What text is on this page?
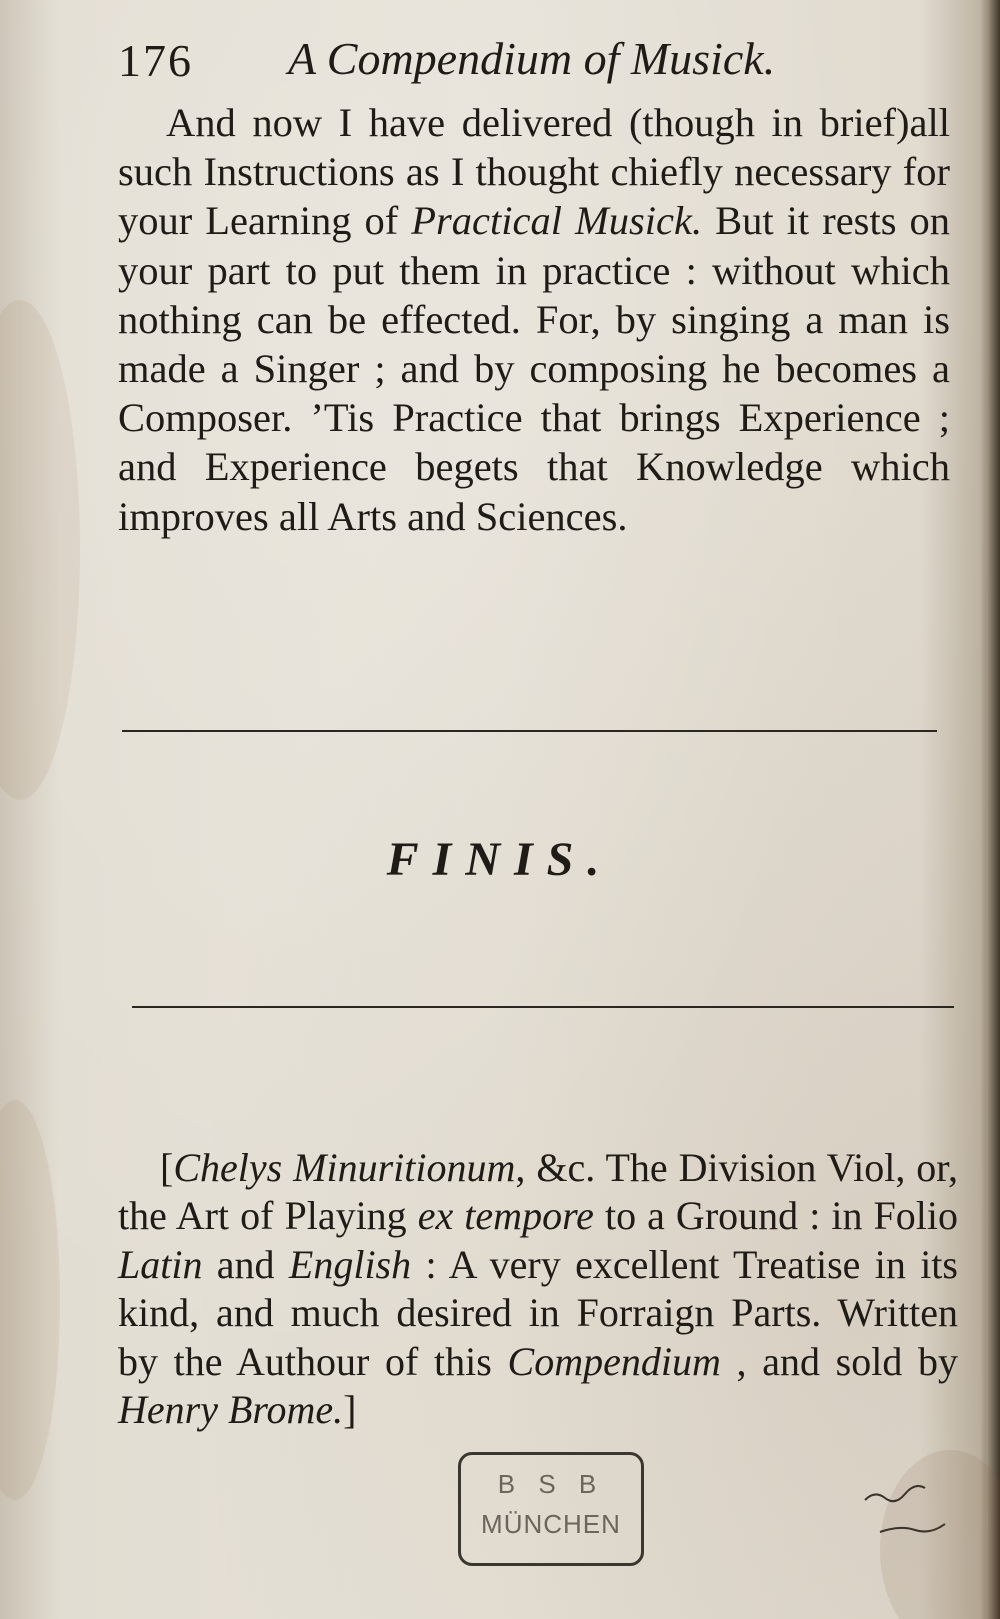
176 A Compendium of Musick.

And now I have delivered (though in brief)all such Instructions as I thought chiefly necessary for your Learning of Practical Musick. But it rests on your part to put them in practice : without which nothing can be effected. For, by singing a man is made a Singer ; and by composing he becomes a Composer. ’Tis Practice that brings Experience ; and Experience begets that Knowledge which improves all Arts and Sciences.

FINIS.

[Chelys Minuritionum, &c. The Division Viol, or, the Art of Playing ex tempore to a Ground : in Folio Latin and English : A very excellent Treatise in its kind, and much desired in Forraign Parts. Written by the Authour of this Compendium , and sold by Henry Brome.]

B S B
MÜNCHEN
